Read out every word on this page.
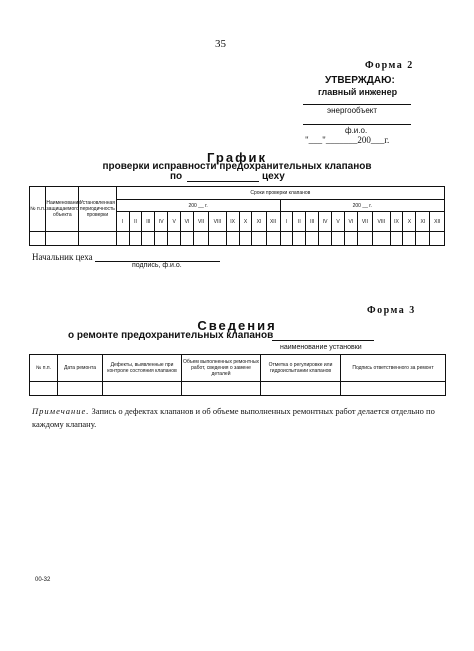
35
Форма 2
УТВЕРЖДАЮ:
главный инженер
энергообъект
ф.и.о.
"___"_______200___г.
График
проверки исправности предохранительных клапанов
по	цеху
№ п.п.	Наименование защищаемого объекта	Установленная периодичность проверки	Сроки проверки клапанов																							
			200 __ г.												200 __ г.											
			I	II	III	IV	V	VI	VII	VIII	IX	X	XI	XII	I	II	III	IV	V	VI	VII	VIII	IX	X	XI	XII

Начальник цеха
подпись, ф.и.о.
Форма 3
Сведения
о ремонте предохранительных клапанов
наименование установки
№ п.п.	Дата ремонта	Дефекты, выявленные при контроле состояния клапанов	Объем выполненных ремонтных работ, сведения о замене деталей	Отметка о регулировке или гидроиспытании клапанов	Подпись ответственного за ремонт

Примечание. Запись о дефектах клапанов и об объеме выполненных ремонтных работ делается отдельно по каждому клапану.
00-32
